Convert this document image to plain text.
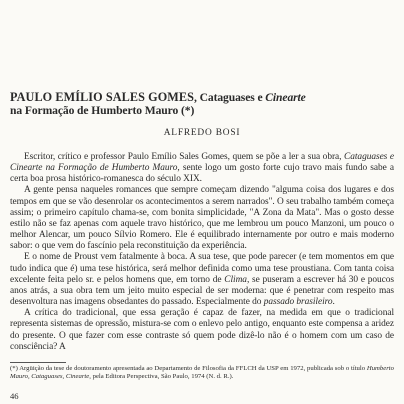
PAULO EMÍLIO SALES GOMES, Cataguases e Cinearte
na Formação de Humberto Mauro (*)
ALFREDO BOSI

Escritor, crítico e professor Paulo Emílio Sales Gomes, quem se põe a ler a sua obra, Cataguases e Cinearte na Formação de Humberto Mauro, sente logo um gosto forte cujo travo mais fundo sabe a certa boa prosa histórico-romanesca do século XIX.

A gente pensa naqueles romances que sempre começam dizendo "alguma coisa dos lugares e dos tempos em que se vão desenrolar os acontecimentos a serem narrados". O seu trabalho também começa assim; o primeiro capítulo chama-se, com bonita simplicidade, "A Zona da Mata". Mas o gosto desse estilo não se faz apenas com aquele travo histórico, que me lembrou um pouco Manzoni, um pouco o melhor Alencar, um pouco Sílvio Romero. Ele é equilibrado internamente por outro e mais moderno sabor: o que vem do fascínio pela reconstituição da experiência.

E o nome de Proust vem fatalmente à boca. A sua tese, que pode parecer (e tem momentos em que tudo indica que é) uma tese histórica, será melhor definida como uma tese proustiana. Com tanta coisa excelente feita pelo sr. e pelos homens que, em torno de Clima, se puseram a escrever há 30 e poucos anos atrás, a sua obra tem um jeito muito especial de ser moderna: que é penetrar com respeito mas desenvoltura nas imagens obsedantes do passado. Especialmente do passado brasileiro.

A crítica do tradicional, que essa geração é capaz de fazer, na medida em que o tradicional representa sistemas de opressão, mistura-se com o enlevo pelo antigo, enquanto este compensa a aridez do presente. O que fazer com esse contraste só quem pode dizê-lo não é o homem com um caso de consciência? A

(*) Argüição da tese de doutoramento apresentada ao Departamento de Filosofia da FFLCH da USP em 1972, publicada sob o título Humberto Mauro, Cataguases, Cinearte, pela Editora Perspectiva, São Paulo, 1974 (N. d. R.).
46
